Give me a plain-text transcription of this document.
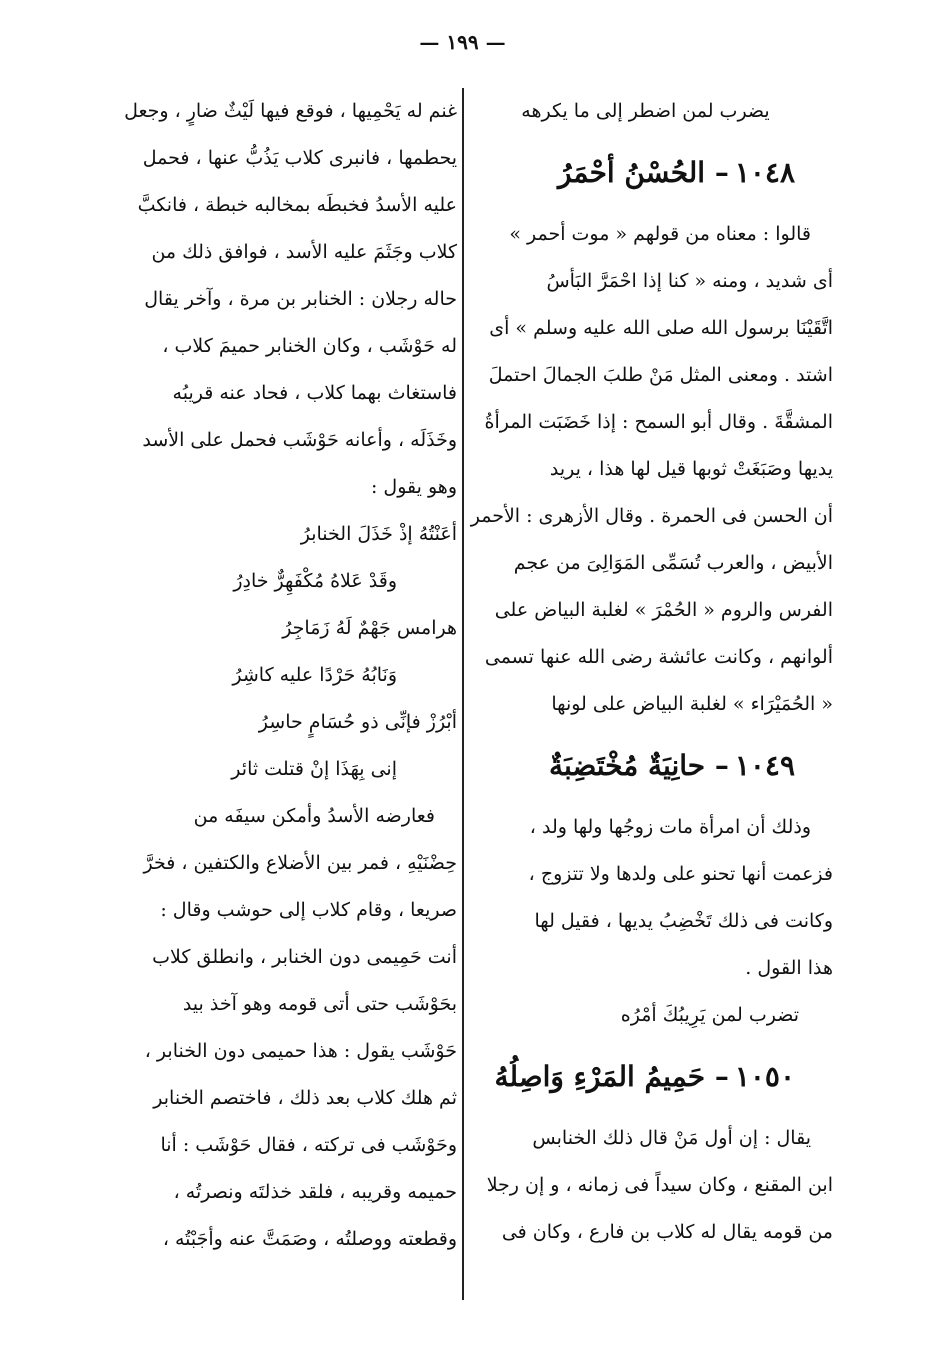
— ١٩٩ —
يضرب لمن اضطر إلى ما يكرهه
١٠٤٨– الحُسْنُ أحْمَرُ
قالوا : معناه من قولهم « موت أحمر »
أى شديد ، ومنه « كنا إذا احْمَرَّ البَأسُ
اتَّقَيْنَا برسول الله صلى الله عليه وسلم » أى
اشتد . ومعنى المثل مَنْ طلبَ الجمالَ احتملَ
المشقَّةَ . وقال أبو السمح : إذا خَضَبَت المرأةُ
يديها وصَبَغَتْ ثوبها قيل لها هذا ، يريد
أن الحسن فى الحمرة . وقال الأزهرى : الأحمر
الأبيض ، والعرب تُسَمِّى المَوَالِىَ من عجم
الفرس والروم « الحُمْرَ » لغلبة البياض على
ألوانهم ، وكانت عائشة رضى الله عنها تسمى
« الحُمَيْرَاء » لغلبة البياض على لونها
١٠٤٩– حانِيَةٌ مُخْتَضِبَةٌ
وذلك أن امرأة مات زوجُها ولها ولد ،
فزعمت أنها تحنو على ولدها ولا تتزوج ،
وكانت فى ذلك تَخْضِبُ يديها ، فقيل لها
هذا القول .
تضرب لمن يَرِيبُكَ أمْرُه
١٠٥٠– حَمِيمُ المَرْءِ وَاصِلُهُ
يقال : إن أول مَنْ قال ذلك الخنابس
ابن المقنع ، وكان سيداً فى زمانه ، و إن رجلا
من قومه يقال له كلاب بن فارع ، وكان فى
غنم له يَحْمِيها ، فوقع فيها لَيْثٌ ضارٍ ، وجعل
يحطمها ، فانبرى كلاب يَذُبُّ عنها ، فحمل
عليه الأسدُ فخبطَه بمخالبه خبطة ، فانكبَّ
كلاب وجَثَمَ عليه الأسد ، فوافق ذلك من
حاله رجلان : الخنابر بن مرة ، وآخر يقال
له حَوْشَب ، وكان الخنابر حميمَ كلاب ،
فاستغاث بهما كلاب ، فحاد عنه قريبُه
وخَذَلَه ، وأعانه حَوْشَب فحمل على الأسد
وهو يقول :
أعَنْتُهُ إذْ خَذَلَ الخنابرُ
وقَدْ عَلاهُ مُكْفَهِرٌّ خادِرُ
هرامس جَهْمٌ لَهُ زَمَاجِرُ
وَنَابُهُ حَرْدًا عليه كاشِرُ
أبْرُزْ فإنِّى ذو حُسَامٍ حاسِرُ
إنى بِهَذَا إنْ قتلت ثائر
فعارضه الأسدُ وأمكن سيفَه من
حِضْنَيْهِ ، فمر بين الأضلاع والكتفين ، فخرَّ
صريعا ، وقام كلاب إلى حوشب وقال :
أنت حَمِيمى دون الخنابر ، وانطلق كلاب
بحَوْشَب حتى أتى قومه وهو آخذ بيد
حَوْشَب يقول : هذا حميمى دون الخنابر ،
ثم هلك كلاب بعد ذلك ، فاختصم الخنابر
وحَوْشَب فى تركته ، فقال حَوْشَب : أنا
حميمه وقريبه ، فلقد خذلتَه ونصرتُه ،
وقطعته ووصلتُه ، وصَمَتَّ عنه وأجَبْتُه ،
